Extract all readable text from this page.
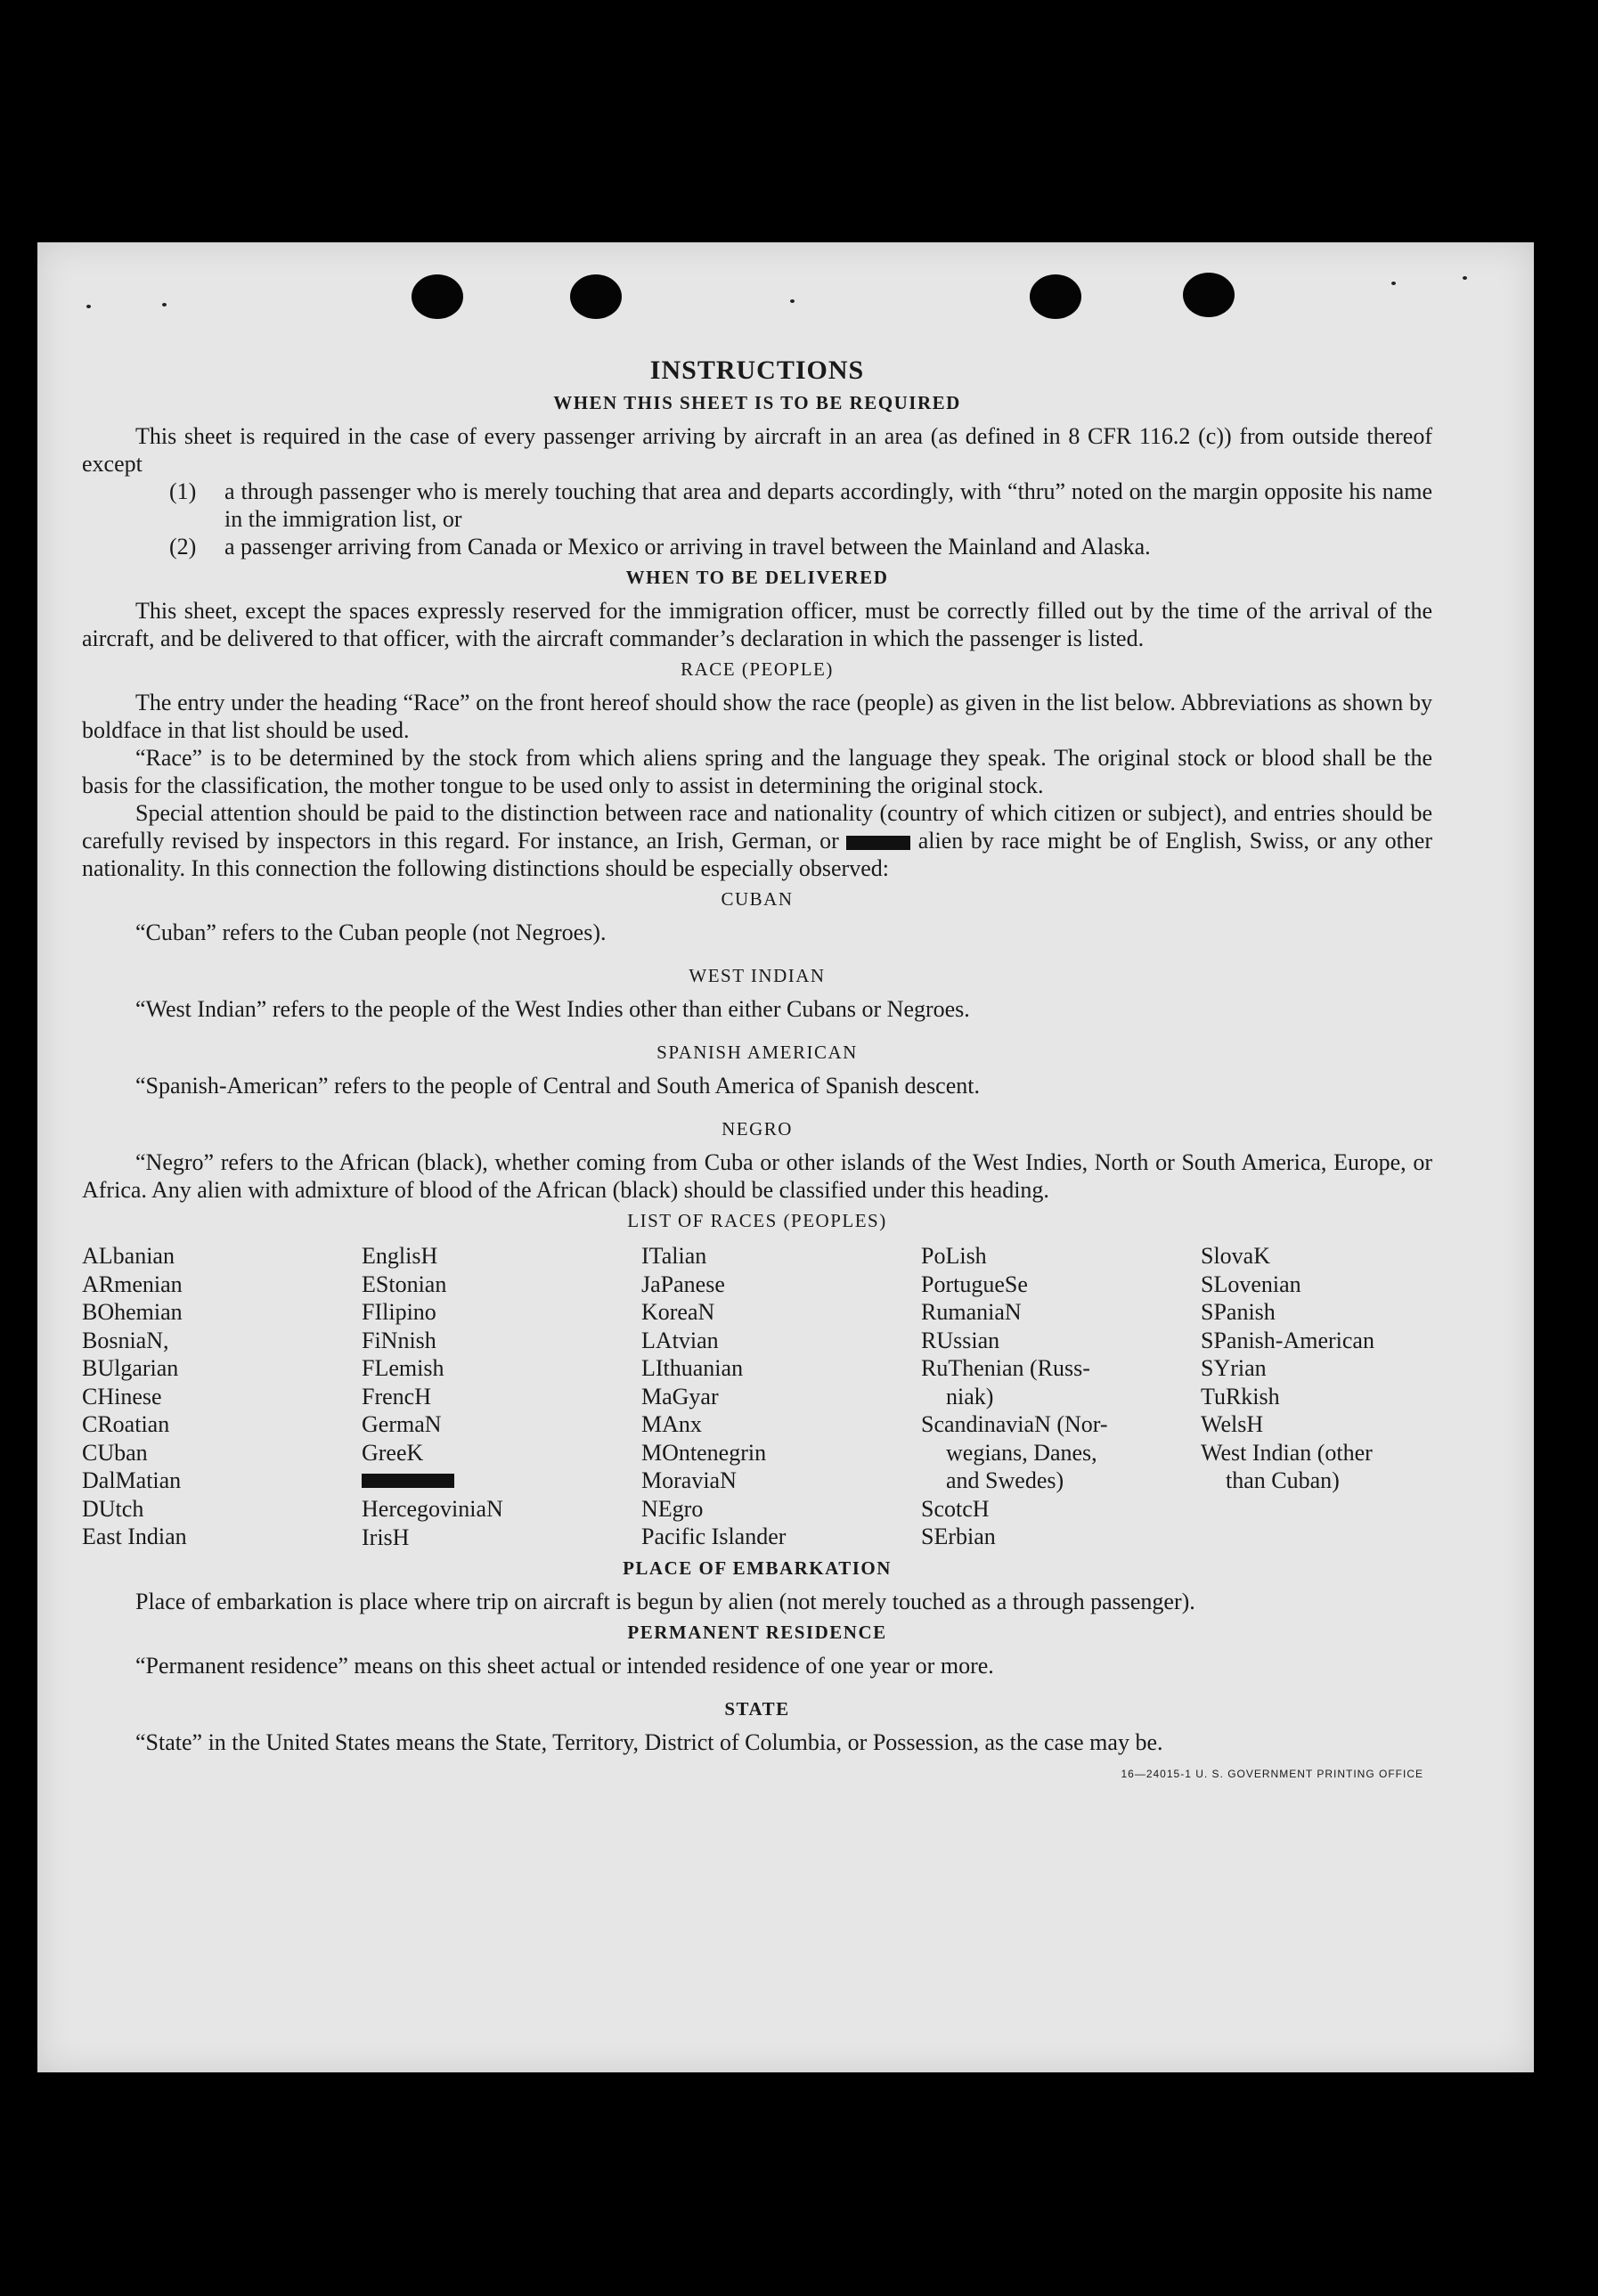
INSTRUCTIONS
WHEN THIS SHEET IS TO BE REQUIRED

This sheet is required in the case of every passenger arriving by aircraft in an area (as defined in 8 CFR 116.2 (c)) from outside thereof except

(1) a through passenger who is merely touching that area and departs accordingly, with “thru” noted on the margin opposite his name in the immigration list, or
(2) a passenger arriving from Canada or Mexico or arriving in travel between the Mainland and Alaska.
WHEN TO BE DELIVERED

This sheet, except the spaces expressly reserved for the immigration officer, must be correctly filled out by the time of the arrival of the aircraft, and be delivered to that officer, with the aircraft commander’s declaration in which the passenger is listed.

RACE (PEOPLE)

The entry under the heading “Race” on the front hereof should show the race (people) as given in the list below. Abbreviations as shown by boldface in that list should be used.

“Race” is to be determined by the stock from which aliens spring and the language they speak. The original stock or blood shall be the basis for the classification, the mother tongue to be used only to assist in determining the original stock.

Special attention should be paid to the distinction between race and nationality (country of which citizen or subject), and entries should be carefully revised by inspectors in this regard. For instance, an Irish, German, or	alien by race might be of English, Swiss, or any other nationality. In this connection the following distinctions should be especially observed:

CUBAN

“Cuban” refers to the Cuban people (not Negroes).

WEST INDIAN

“West Indian” refers to the people of the West Indies other than either Cubans or Negroes.

SPANISH AMERICAN

“Spanish-American” refers to the people of Central and South America of Spanish descent.

NEGRO

“Negro” refers to the African (black), whether coming from Cuba or other islands of the West Indies, North or South America, Europe, or Africa. Any alien with admixture of blood of the African (black) should be classified under this heading.

LIST OF RACES (PEOPLES)
ALbanian
ARmenian
BOhemian
BosniaN,
BUlgarian
CHinese
CRoatian
CUban
DalMatian
DUtch
East Indian
EnglisH
EStonian
FIlipino
FiNnish
FLemish
FrencH
GermaN
GreeK
HercegoviniaN
IrisH
ITalian
JaPanese
KoreaN
LAtvian
LIthuanian
MaGyar
MAnx
MOntenegrin
MoraviaN
NEgro
Pacific Islander
PoLish
PortugueSe
RumaniaN
RUssian
RuThenian (Russ-
niak)
ScandinaviaN (Nor-
wegians, Danes,
and Swedes)
ScotcH
SErbian
SlovaK
SLovenian
SPanish
SPanish-American
SYrian
TuRkish
WelsH
West Indian (other
than Cuban)
PLACE OF EMBARKATION

Place of embarkation is place where trip on aircraft is begun by alien (not merely touched as a through passenger).

PERMANENT RESIDENCE

“Permanent residence” means on this sheet actual or intended residence of one year or more.

STATE

“State” in the United States means the State, Territory, District of Columbia, or Possession, as the case may be.

16—24015-1 U. S. GOVERNMENT PRINTING OFFICE
